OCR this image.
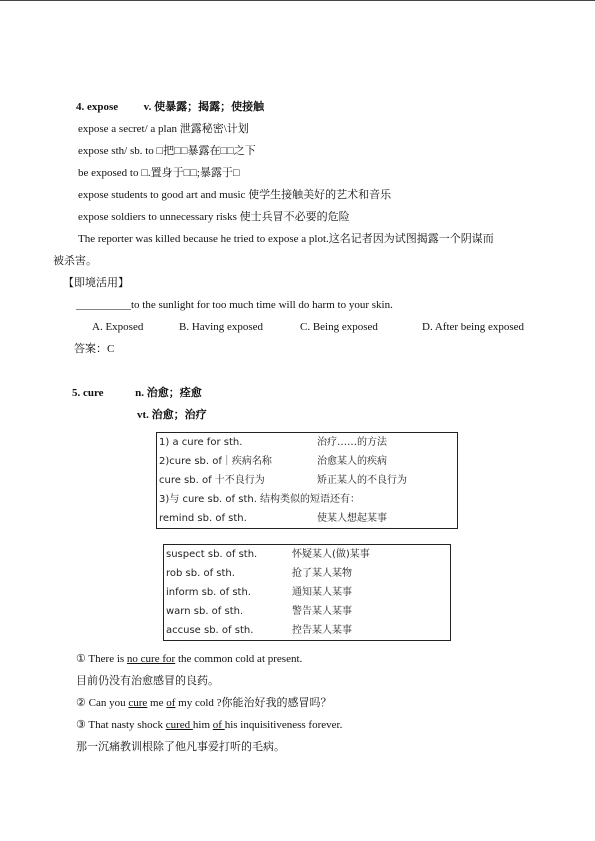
4. expose v. 使暴露；揭露；使接触
expose a secret/ a plan 泄露秘密\计划
expose sth/ sb. to □把□□暴露在□□之下
be exposed to □.置身于□□;暴露于□
expose students to good art and music 使学生接触美好的艺术和音乐
expose soldiers to unnecessary risks 使士兵冒不必要的危险
The reporter was killed because he tried to expose a plot.这名记者因为试图揭露一个阴谋而
被杀害。
【即境活用】
__________to the sunlight for too much time will do harm to your skin.
A. Exposed	B. Having exposed	C. Being exposed	D. After being exposed
答案：C
5. cure	n. 治愈；痊愈
vt. 治愈；治疗
1) a cure for sth.	治疗……的方法
2)cure sb. of｜疾病名称	治愈某人的疾病
cure sb. of 十不良行为	矫正某人的不良行为
3)与 cure sb. of sth. 结构类似的短语还有：	
remind sb. of sth.	使某人想起某事
suspect sb. of sth.	怀疑某人(做)某事
rob sb. of sth.	抢了某人某物
inform sb. of sth.	通知某人某事
warn sb. of sth.	警告某人某事
accuse sb. of sth.	控告某人某事
① There is no cure for the common cold at present.
目前仍没有治愈感冒的良药。
② Can you cure me of my cold ?你能治好我的感冒吗？
③ That nasty shock cured him of his inquisitiveness forever.
那一沉痛教训根除了他凡事爱打听的毛病。
